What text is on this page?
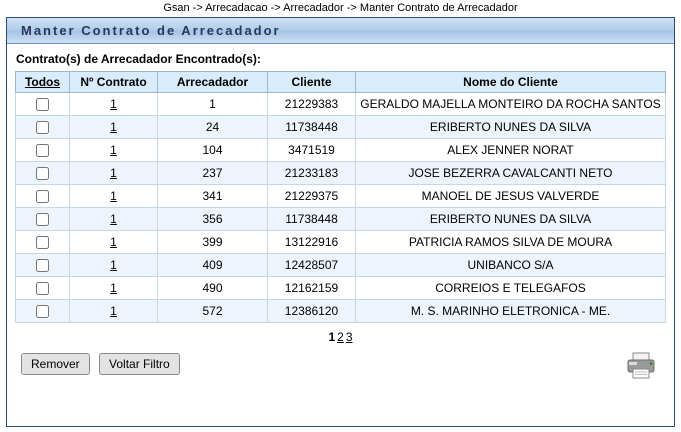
Gsan -> Arrecadacao -> Arrecadador -> Manter Contrato de Arrecadador
Manter Contrato de Arrecadador
Contrato(s) de Arrecadador Encontrado(s):
Todos	Nº Contrato	Arrecadador	Cliente	Nome do Cliente
	1	1	21229383	GERALDO MAJELLA MONTEIRO DA ROCHA SANTOS
	1	24	11738448	ERIBERTO NUNES DA SILVA
	1	104	3471519	ALEX JENNER NORAT
	1	237	21233183	JOSE BEZERRA CAVALCANTI NETO
	1	341	21229375	MANOEL DE JESUS VALVERDE
	1	356	11738448	ERIBERTO NUNES DA SILVA
	1	399	13122916	PATRICIA RAMOS SILVA DE MOURA
	1	409	12428507	UNIBANCO S/A
	1	490	12162159	CORREIOS E TELEGAFOS
	1	572	12386120	M. S. MARINHO ELETRONICA - ME.
1 2 3
Remover Voltar Filtro
